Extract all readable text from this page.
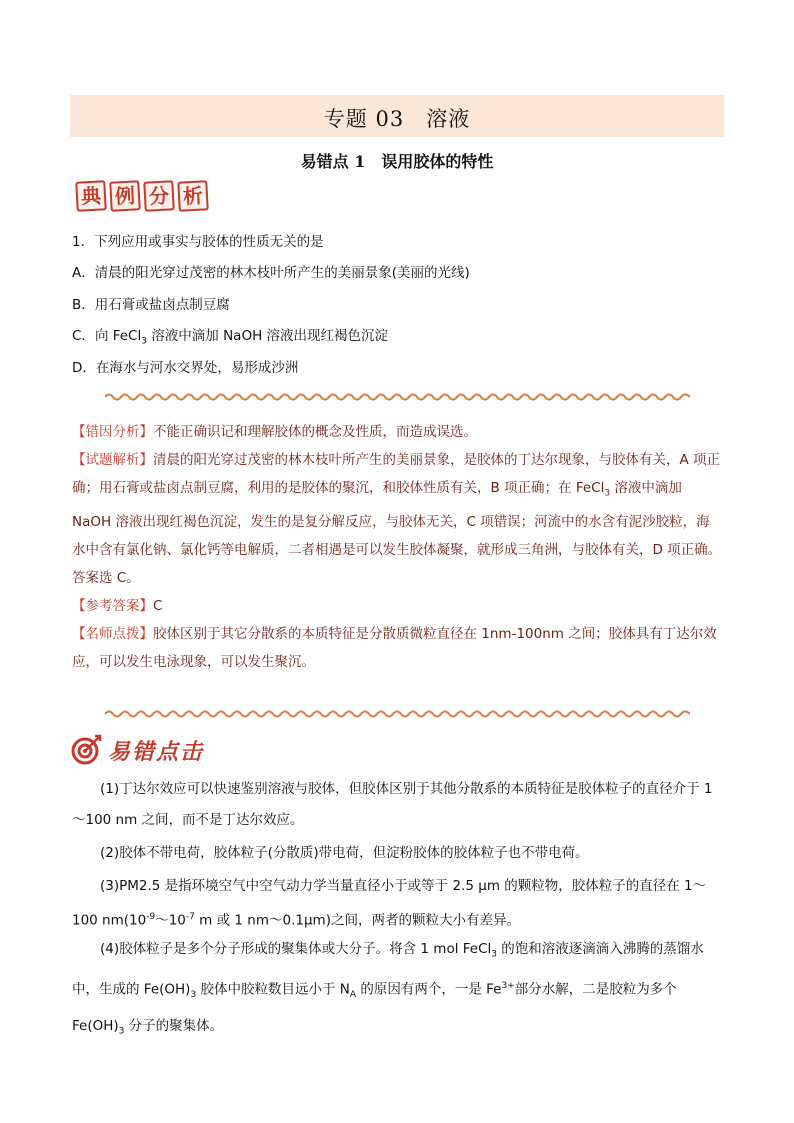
专题 03　溶液
易错点 1　误用胶体的特性
典 例 分 析
1．下列应用或事实与胶体的性质无关的是
A．清晨的阳光穿过茂密的林木枝叶所产生的美丽景象(美丽的光线)
B．用石膏或盐卤点制豆腐
C．向 FeCl$_3$ 溶液中滴加 NaOH 溶液出现红褐色沉淀
D．在海水与河水交界处，易形成沙洲
【错因分析】不能正确识记和理解胶体的概念及性质，而造成误选。
【试题解析】清晨的阳光穿过茂密的林木枝叶所产生的美丽景象，是胶体的丁达尔现象，与胶体有关，A 项正确；用石膏或盐卤点制豆腐，利用的是胶体的聚沉，和胶体性质有关，B 项正确；在 FeCl$_3$ 溶液中滴加 NaOH 溶液出现红褐色沉淀，发生的是复分解反应，与胶体无关，C 项错误；河流中的水含有泥沙胶粒，海水中含有氯化钠、氯化钙等电解质，二者相遇是可以发生胶体凝聚，就形成三角洲，与胶体有关，D 项正确。答案选 C。
【参考答案】C
【名师点拨】胶体区别于其它分散系的本质特征是分散质微粒直径在 1nm-100nm 之间；胶体具有丁达尔效应，可以发生电泳现象，可以发生聚沉。
易错点击
(1)丁达尔效应可以快速鉴别溶液与胶体，但胶体区别于其他分散系的本质特征是胶体粒子的直径介于 1～100 nm 之间，而不是丁达尔效应。
(2)胶体不带电荷，胶体粒子(分散质)带电荷，但淀粉胶体的胶体粒子也不带电荷。
(3)PM2.5 是指环境空气中空气动力学当量直径小于或等于 2.5 μm 的颗粒物，胶体粒子的直径在 1～100 $nm(10^{-9}\sim 10^{-7}$ m 或 1 nm～0.1μm)之间，两者的颗粒大小有差异。
(4)胶体粒子是多个分子形成的聚集体或大分子。将含 1 mol FeCl$_3$ 的饱和溶液逐滴滴入沸腾的蒸馏水中，生成的 $Fe(OH)_3$ 胶体中胶粒数目远小于 $N_A$ 的原因有两个，一是 $Fe^{3+}$部分水解，二是胶粒为多个 $Fe(OH)_3$ 分子的聚集体。
